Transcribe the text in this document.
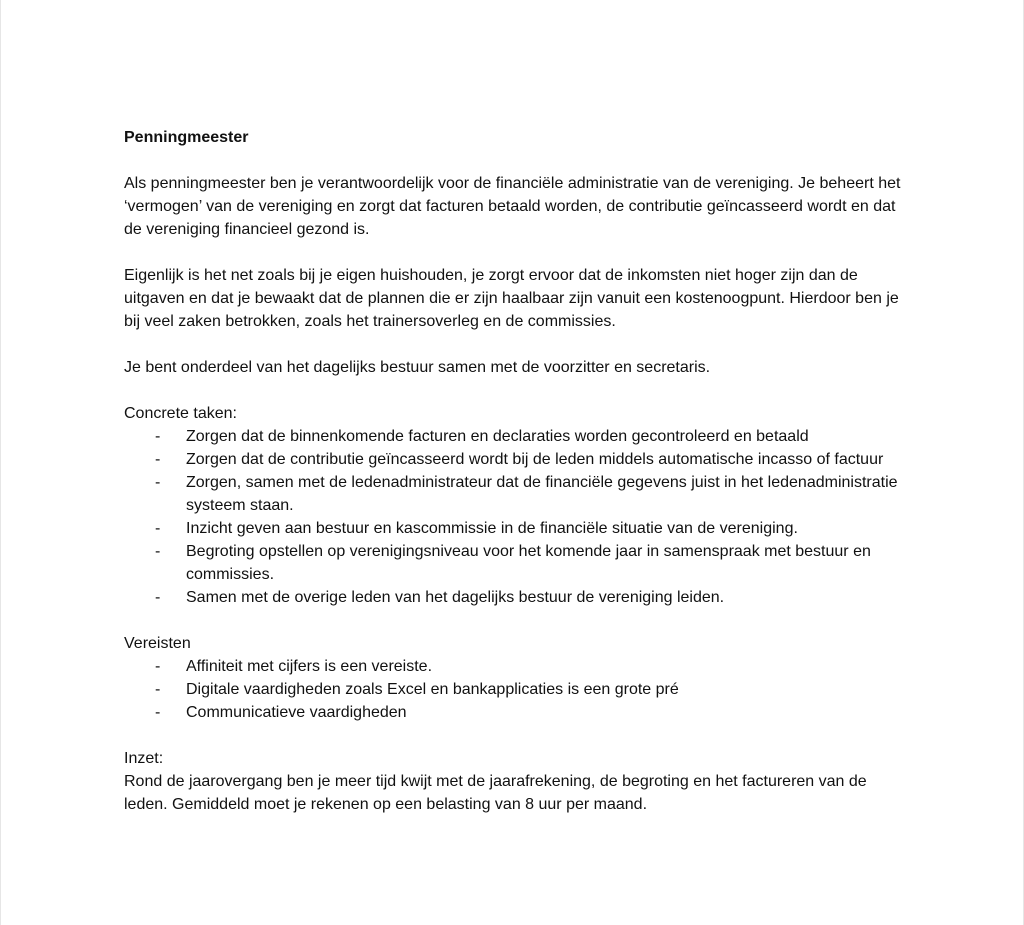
Penningmeester

Als penningmeester ben je verantwoordelijk voor de financiële administratie van de vereniging. Je beheert het ‘vermogen’ van de vereniging en zorgt dat facturen betaald worden, de contributie geïncasseerd wordt en dat de vereniging financieel gezond is.

Eigenlijk is het net zoals bij je eigen huishouden, je zorgt ervoor dat de inkomsten niet hoger zijn dan de uitgaven en dat je bewaakt dat de plannen die er zijn haalbaar zijn vanuit een kostenoogpunt. Hierdoor ben je bij veel zaken betrokken, zoals het trainersoverleg en de commissies.

Je bent onderdeel van het dagelijks bestuur samen met de voorzitter en secretaris.

Concrete taken:

- Zorgen dat de binnenkomende facturen en declaraties worden gecontroleerd en betaald
- Zorgen dat de contributie geïncasseerd wordt bij de leden middels automatische incasso of factuur
- Zorgen, samen met de ledenadministrateur dat de financiële gegevens juist in het ledenadministratie systeem staan.
- Inzicht geven aan bestuur en kascommissie in de financiële situatie van de vereniging.
- Begroting opstellen op verenigingsniveau voor het komende jaar in samenspraak met bestuur en commissies.
- Samen met de overige leden van het dagelijks bestuur de vereniging leiden.

Vereisten

- Affiniteit met cijfers is een vereiste.
- Digitale vaardigheden zoals Excel en bankapplicaties is een grote pré
- Communicatieve vaardigheden

Inzet:

Rond de jaarovergang ben je meer tijd kwijt met de jaarafrekening, de begroting en het factureren van de leden. Gemiddeld moet je rekenen op een belasting van 8 uur per maand.
